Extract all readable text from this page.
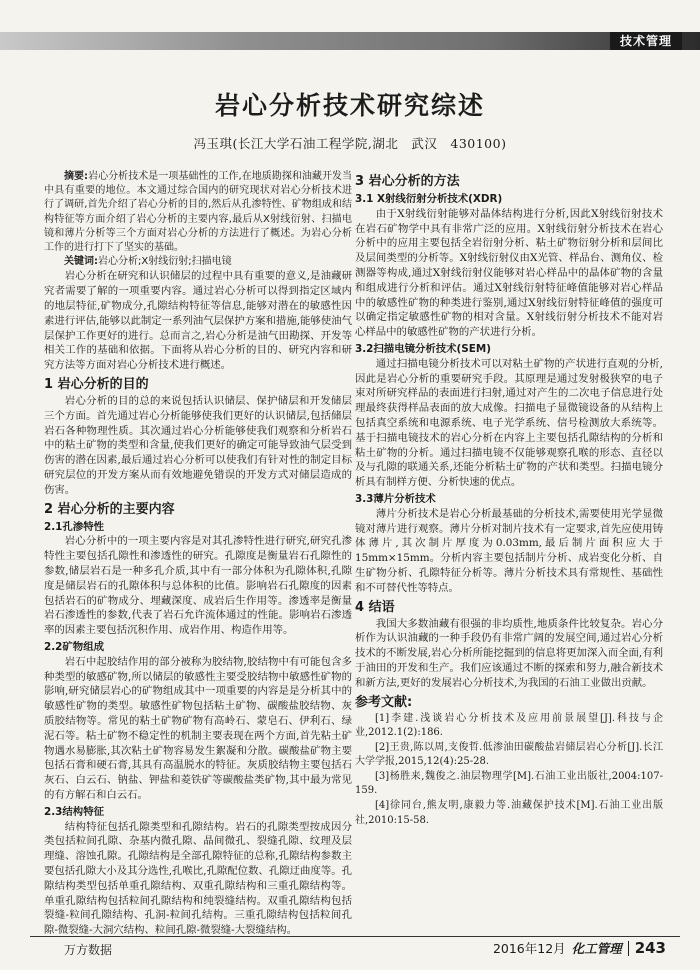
技术管理
岩心分析技术研究综述
冯玉琪(长江大学石油工程学院,湖北　武汉　430100)

摘要:岩心分析技术是一项基础性的工作,在地质勘探和油藏开发当中具有重要的地位。本文通过综合国内的研究现状对岩心分析技术进行了调研,首先介绍了岩心分析的目的,然后从孔渗特性、矿物组成和结构特征等方面介绍了岩心分析的主要内容,最后从X射线衍射、扫描电镜和薄片分析等三个方面对岩心分析的方法进行了概述。为岩心分析工作的进行打下了坚实的基础。

关键词:岩心分析;X射线衍射;扫描电镜

岩心分析在研究和认识储层的过程中具有重要的意义,是油藏研究者需要了解的一项重要内容。通过岩心分析可以得到指定区域内的地层特征,矿物成分,孔隙结构特征等信息,能够对潜在的敏感性因素进行评估,能够以此制定一系列油气层保护方案和措施,能够使油气层保护工作更好的进行。总而言之,岩心分析是油气田勘探、开发等相关工作的基础和依据。下面将从岩心分析的目的、研究内容和研究方法等方面对岩心分析技术进行概述。

1 岩心分析的目的

岩心分析的目的总的来说包括认识储层、保护储层和开发储层三个方面。首先通过岩心分析能够使我们更好的认识储层,包括储层岩石各种物理性质。其次通过岩心分析能够使我们观察和分析岩石中的粘土矿物的类型和含量,使我们更好的确定可能导致油气层受到伤害的潜在因素,最后通过岩心分析可以使我们有针对性的制定目标研究层位的开发方案从而有效地避免错误的开发方式对储层造成的伤害。

2 岩心分析的主要内容
2.1孔渗特性

岩心分析中的一项主要内容是对其孔渗特性进行研究,研究孔渗特性主要包括孔隙性和渗透性的研究。孔隙度是衡量岩石孔隙性的参数,储层岩石是一种多孔介质,其中有一部分体积为孔隙体积,孔隙度是储层岩石的孔隙体积与总体积的比值。影响岩石孔隙度的因素包括岩石的矿物成分、埋藏深度、成岩后生作用等。渗透率是衡量岩石渗透性的参数,代表了岩石允许流体通过的性能。影响岩石渗透率的因素主要包括沉积作用、成岩作用、构造作用等。

2.2矿物组成

岩石中起胶结作用的部分被称为胶结物,胶结物中有可能包含多种类型的敏感矿物,所以储层的敏感性主要受胶结物中敏感性矿物的影响,研究储层岩心的矿物组成其中一项重要的内容是是分析其中的敏感性矿物的类型。敏感性矿物包括粘土矿物、碳酸盐胶结物、灰质胶结物等。常见的粘土矿物矿物有高岭石、蒙皂石、伊利石、绿泥石等。粘土矿物不稳定性的机制主要表现在两个方面,首先粘土矿物遇水易膨胀,其次粘土矿物容易发生絮凝和分散。碳酸盐矿物主要包括石膏和硬石膏,其具有高温脱水的特征。灰质胶结物主要包括石灰石、白云石、钠盐、钾盐和菱铁矿等碳酸盐类矿物,其中最为常见的有方解石和白云石。

2.3结构特征

结构特征包括孔隙类型和孔隙结构。岩石的孔隙类型按成因分类包括粒间孔隙、杂基内微孔隙、晶间微孔、裂缝孔隙、纹理及层理缝、溶蚀孔隙。孔隙结构是全部孔隙特征的总称,孔隙结构参数主要包括孔隙大小及其分选性,孔喉比,孔隙配位数、孔隙迂曲度等。孔隙结构类型包括单重孔隙结构、双重孔隙结构和三重孔隙结构等。单重孔隙结构包括粒间孔隙结构和纯裂缝结构。双重孔隙结构包括裂缝-粒间孔隙结构、孔洞-粒间孔结构。三重孔隙结构包括粒间孔隙-微裂缝-大洞穴结构、粒间孔隙-微裂缝-大裂缝结构。

3 岩心分析的方法
3.1 X射线衍射分析技术(XDR)

由于X射线衍射能够对晶体结构进行分析,因此X射线衍射技术在岩石矿物学中具有非常广泛的应用。X射线衍射分析技术在岩心分析中的应用主要包括全岩衍射分析、粘土矿物衍射分析和层间比及层间类型的分析等。X射线衍射仪由X光管、样品台、测角仪、检测器等构成,通过X射线衍射仪能够对岩心样品中的晶体矿物的含量和组成进行分析和评估。通过X射线衍射特征峰值能够对岩心样品中的敏感性矿物的种类进行鉴别,通过X射线衍射特征峰值的强度可以确定指定敏感性矿物的相对含量。X射线衍射分析技术不能对岩心样品中的敏感性矿物的产状进行分析。

3.2扫描电镜分析技术(SEM)

通过扫描电镜分析技术可以对粘土矿物的产状进行直观的分析,因此是岩心分析的重要研究手段。其原理是通过发射极狭窄的电子束对所研究样品的表面进行扫射,通过对产生的二次电子信息进行处理最终获得样品表面的放大成像。扫描电子显微镜设备的从结构上包括真空系统和电源系统、电子光学系统、信号检测放大系统等。基于扫描电镜技术的岩心分析在内容上主要包括孔隙结构的分析和粘土矿物的分析。通过扫描电镜不仅能够观察孔喉的形态、直径以及与孔隙的联通关系,还能分析粘土矿物的产状和类型。扫描电镜分析具有制样方便、分析快速的优点。

3.3薄片分析技术

薄片分析技术是岩心分析最基础的分析技术,需要使用光学显微镜对薄片进行观察。薄片分析对制片技术有一定要求,首先应使用铸体薄片,其次制片厚度为0.03mm,最后制片面积应大于15mm×15mm。分析内容主要包括制片分析、成岩变化分析、自生矿物分析、孔隙特征分析等。薄片分析技术具有常规性、基础性和不可替代性等特点。

4 结语

我国大多数油藏有很强的非均质性,地质条件比较复杂。岩心分析作为认识油藏的一种手段仍有非常广阔的发展空间,通过岩心分析技术的不断发展,岩心分析所能挖掘到的信息将更加深入而全面,有利于油田的开发和生产。我们应该通过不断的探索和努力,融合新技术和新方法,更好的发展岩心分析技术,为我国的石油工业做出贡献。

参考文献:

[1]李建.浅谈岩心分析技术及应用前景展望[J].科技与企业,2012.1(2):186.

[2]王贵,陈以周,支俊哲.低渗油田碳酸盐岩储层岩心分析[J].长江大学学报,2015,12(4):25-28.

[3]杨胜来,魏俊之.油层物理学[M].石油工业出版社,2004:107-159.

[4]徐同台,熊友明,康毅力等.油藏保护技术[M].石油工业出版社,2010:15-58.

万方数据	2016年12月 化工管理 243
